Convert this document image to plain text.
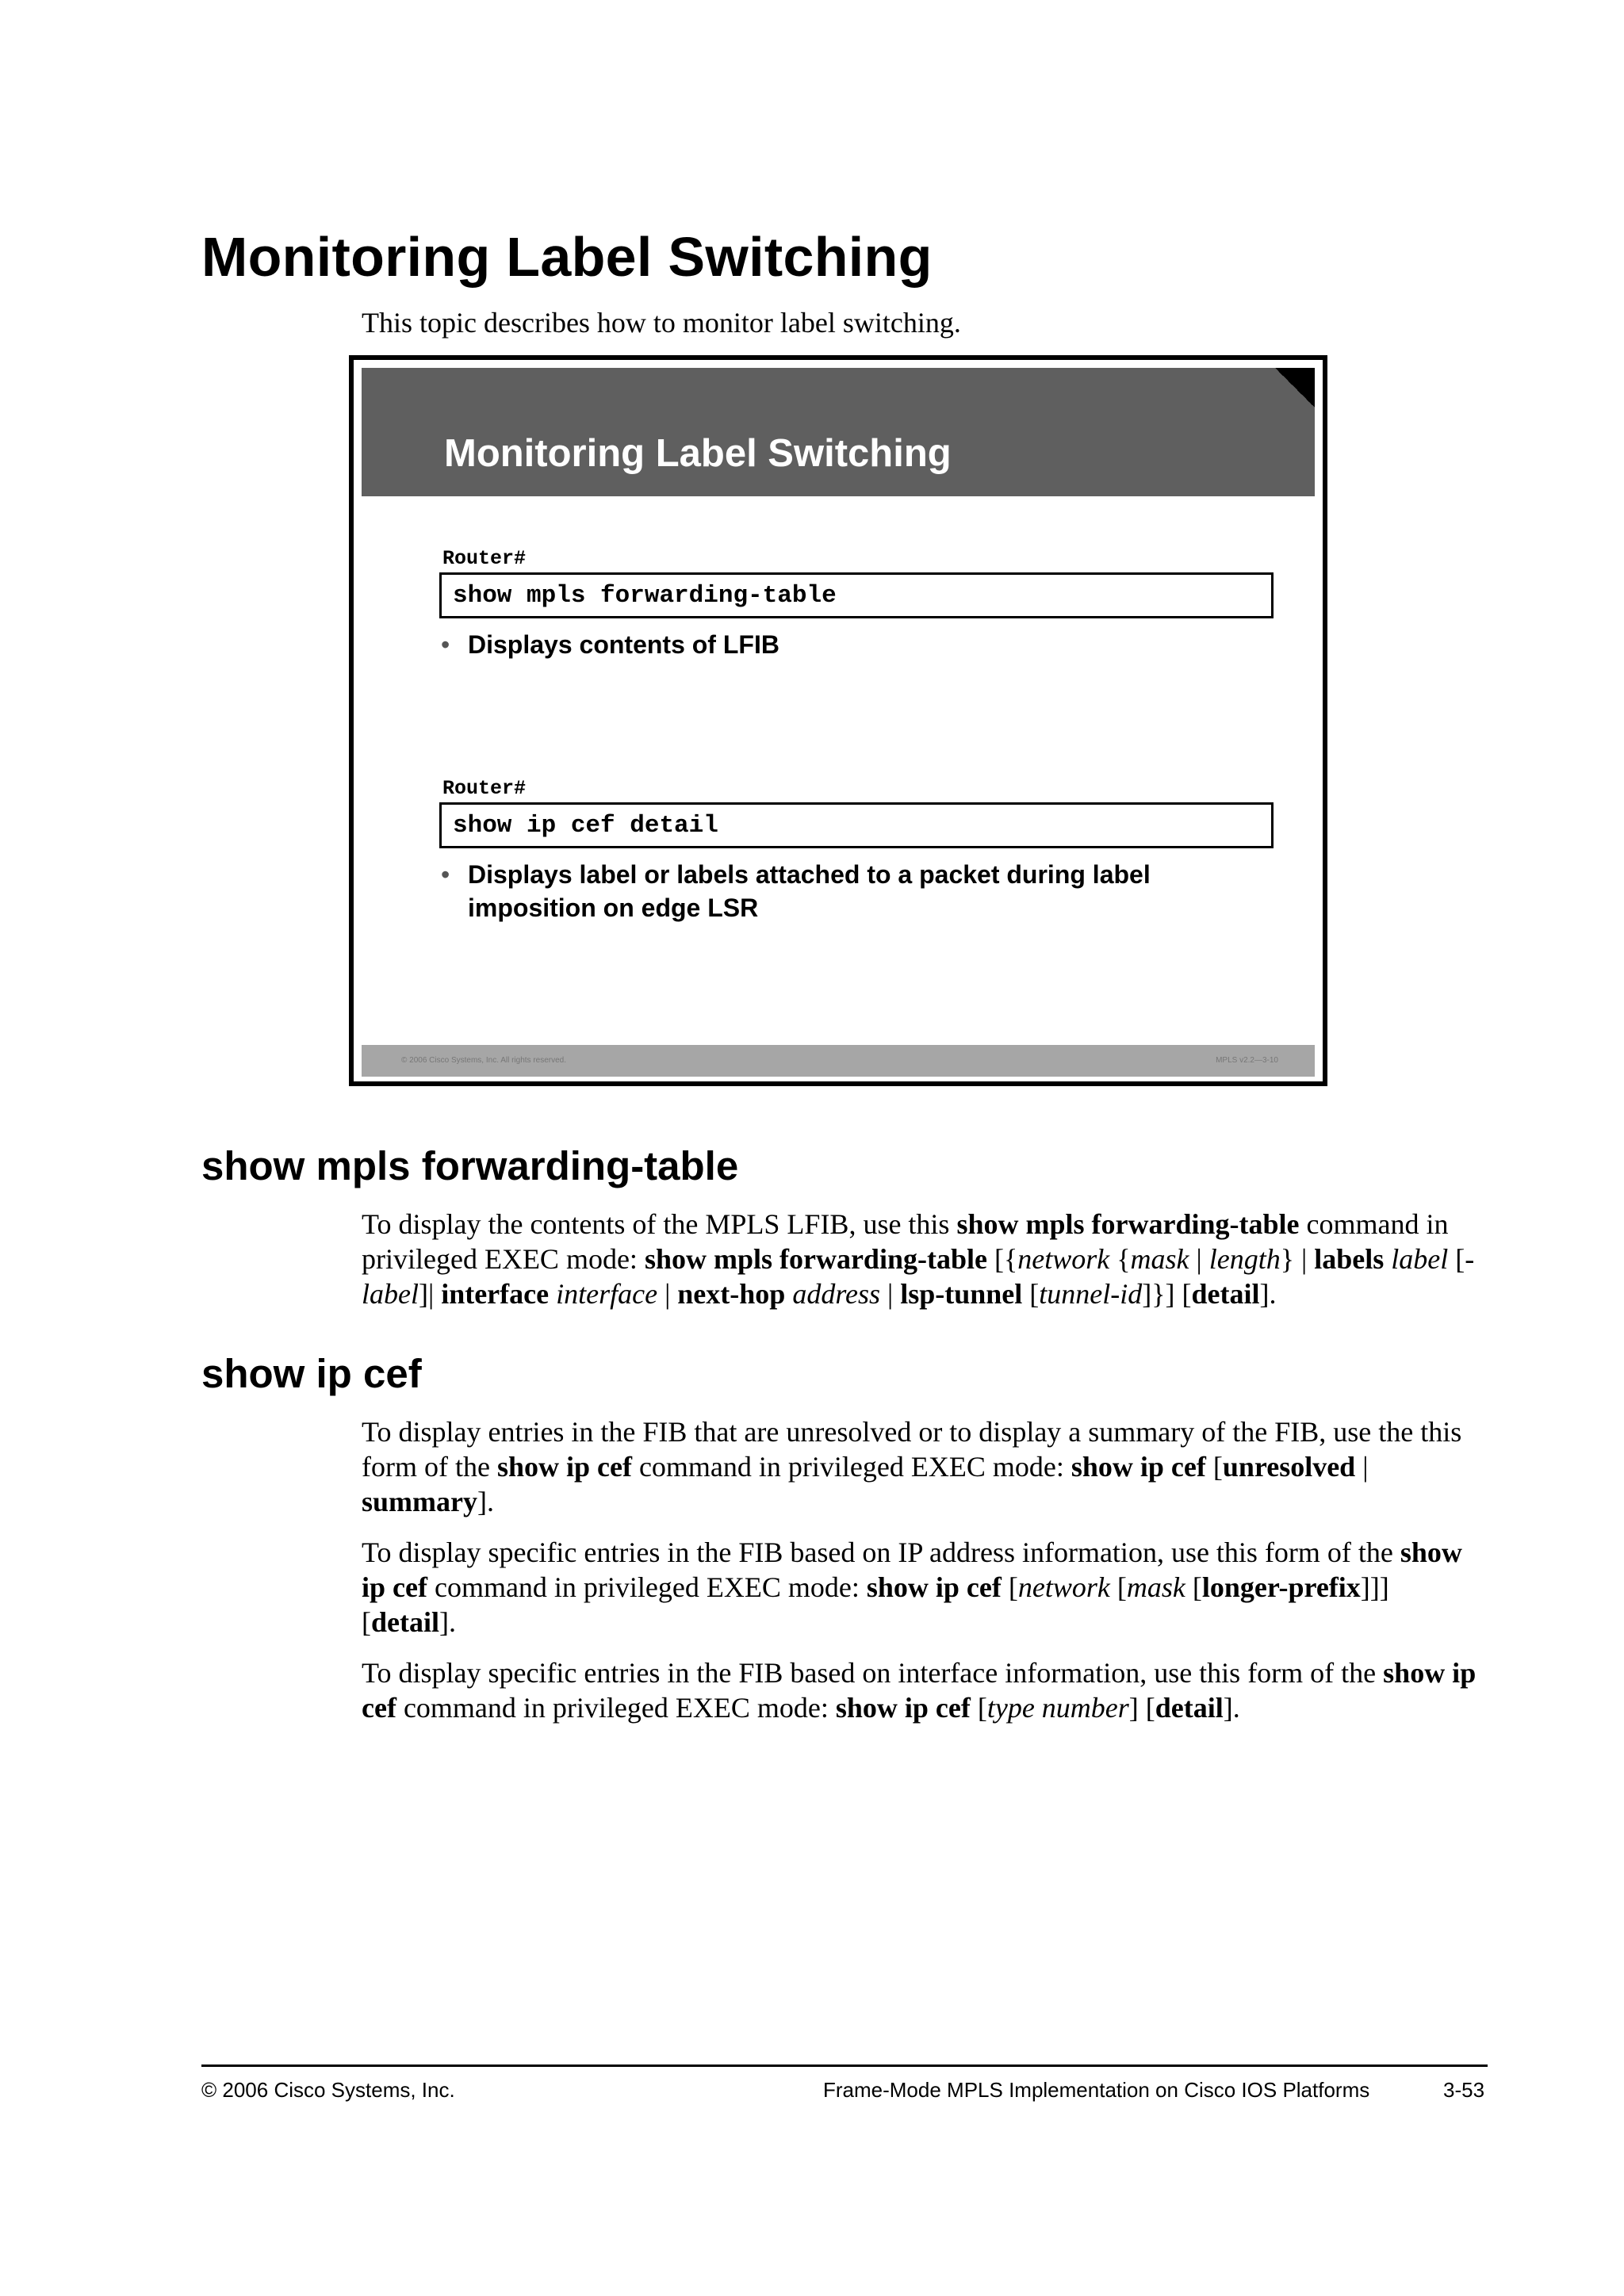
Monitoring Label Switching

This topic describes how to monitor label switching.

Monitoring Label Switching

Router#

show mpls forwarding-table

• Displays contents of LFIB

Router#

show ip cef detail

• Displays label or labels attached to a packet during label imposition on edge LSR

© 2006 Cisco Systems, Inc. All rights reserved.	MPLS v2.2—3-10
show mpls forwarding-table

To display the contents of the MPLS LFIB, use this show mpls forwarding-table command in privileged EXEC mode: show mpls forwarding-table [{network {mask | length} | labels label [-label]| interface interface | next-hop address | lsp-tunnel [tunnel-id]}] [detail].

show ip cef

To display entries in the FIB that are unresolved or to display a summary of the FIB, use the this form of the show ip cef command in privileged EXEC mode: show ip cef [unresolved | summary].

To display specific entries in the FIB based on IP address information, use this form of the show ip cef command in privileged EXEC mode: show ip cef [network [mask [longer-prefix]]] [detail].

To display specific entries in the FIB based on interface information, use this form of the show ip cef command in privileged EXEC mode: show ip cef [type number] [detail].

© 2006 Cisco Systems, Inc.	Frame-Mode MPLS Implementation on Cisco IOS Platforms	3-53
